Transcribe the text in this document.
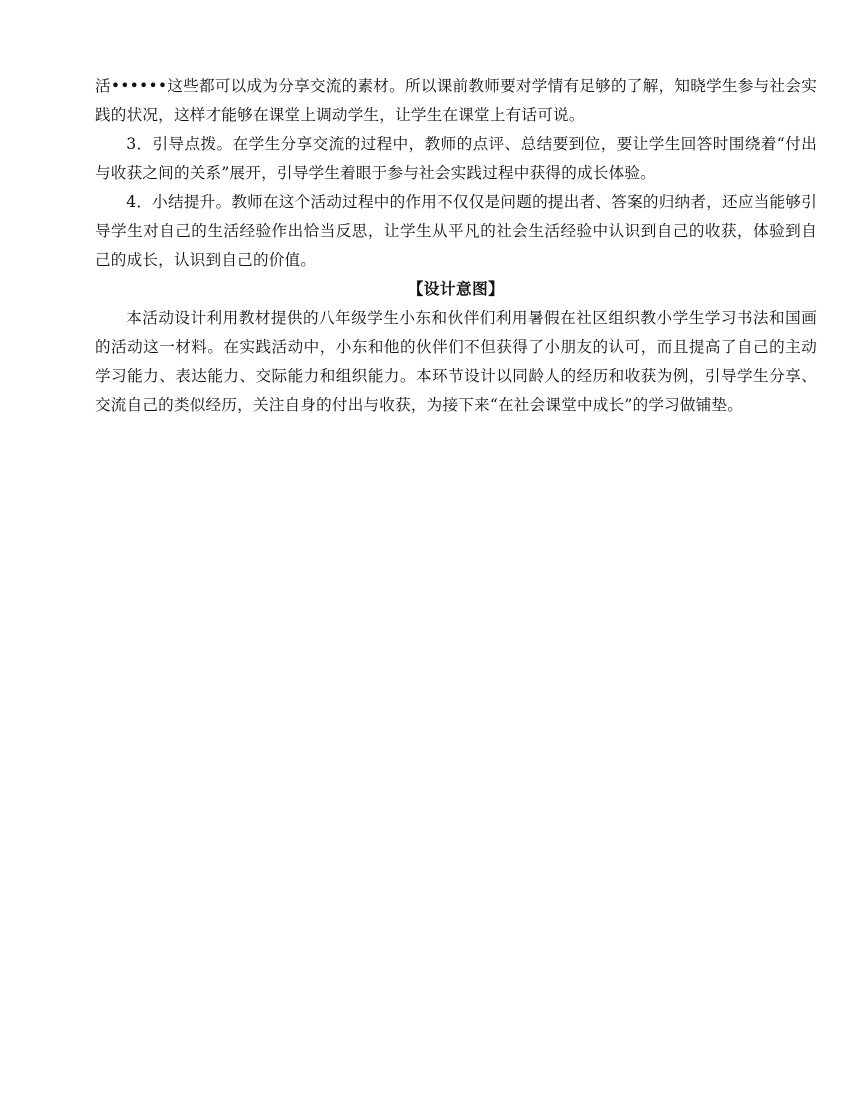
活••••••这些都可以成为分享交流的素材。所以课前教师要对学情有足够的了解，知晓学生参与社会实践的状况，这样才能够在课堂上调动学生，让学生在课堂上有话可说。

3．引导点拨。在学生分享交流的过程中，教师的点评、总结要到位，要让学生回答时围绕着“付出与收获之间的关系”展开，引导学生着眼于参与社会实践过程中获得的成长体验。

4．小结提升。教师在这个活动过程中的作用不仅仅是问题的提出者、答案的归纳者，还应当能够引导学生对自己的生活经验作出恰当反思，让学生从平凡的社会生活经验中认识到自己的收获，体验到自己的成长，认识到自己的价值。

【设计意图】

本活动设计利用教材提供的八年级学生小东和伙伴们利用暑假在社区组织教小学生学习书法和国画的活动这一材料。在实践活动中，小东和他的伙伴们不但获得了小朋友的认可，而且提高了自己的主动学习能力、表达能力、交际能力和组织能力。本环节设计以同龄人的经历和收获为例，引导学生分享、交流自己的类似经历，关注自身的付出与收获，为接下来“在社会课堂中成长”的学习做铺垫。
